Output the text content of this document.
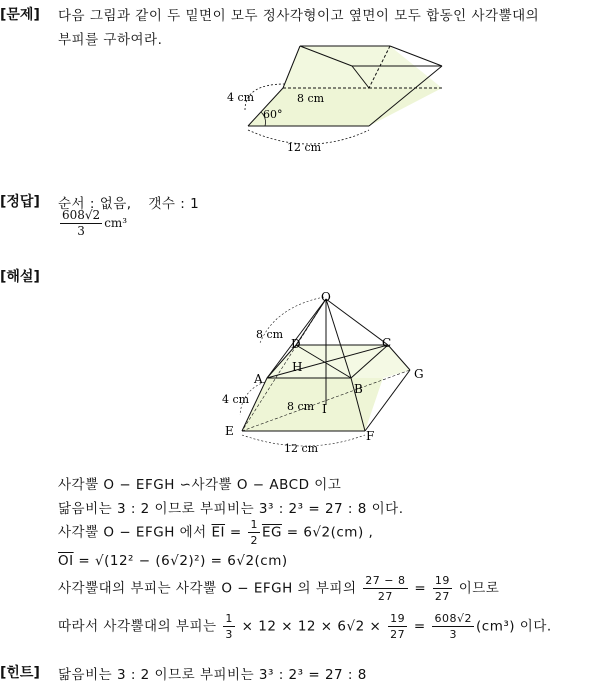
[문제]
[정답]
[해설]
[힌트]
다음 그림과 같이 두 밑면이 모두 정사각형이고 옆면이 모두 합동인 사각뿔대의
부피를 구하여라.
4 cm	8 cm
60°
12 cm
순서 : 없음, 갯수 : 1
$\frac{608√2}{3} cm^3$
O
D	C
H	G
A
B
I
E	F
8 cm
4 cm
8 cm
12 cm
사각뿔 O − EFGH ∽사각뿔 O − ABCD 이고
닮음비는 3 : 2 이므로 부피비는 3³ : 2³ = 27 : 8 이다.
사각뿔 O − EFGH 에서 $\overline{EI} = \frac{1}{2} \overline{EG} = 6√2(cm)$ ,
$\overline{OI} = √(12^2 - (6√2)^2) = 6√2(cm)$
사각뿔대의 부피는 사각뿔 O − EFGH 의 부피의 $\frac{27 - 8}{27} = \frac{19}{27}$ 이므로
따라서 사각뿔대의 부피는 $\frac{1}{3} \times 12 \times 12 \times 6√2 \times \frac{19}{27} = \frac{608√2}{3} (cm^3)$ 이다.
닮음비는 3 : 2 이므로 부피비는 3³ : 2³ = 27 : 8
